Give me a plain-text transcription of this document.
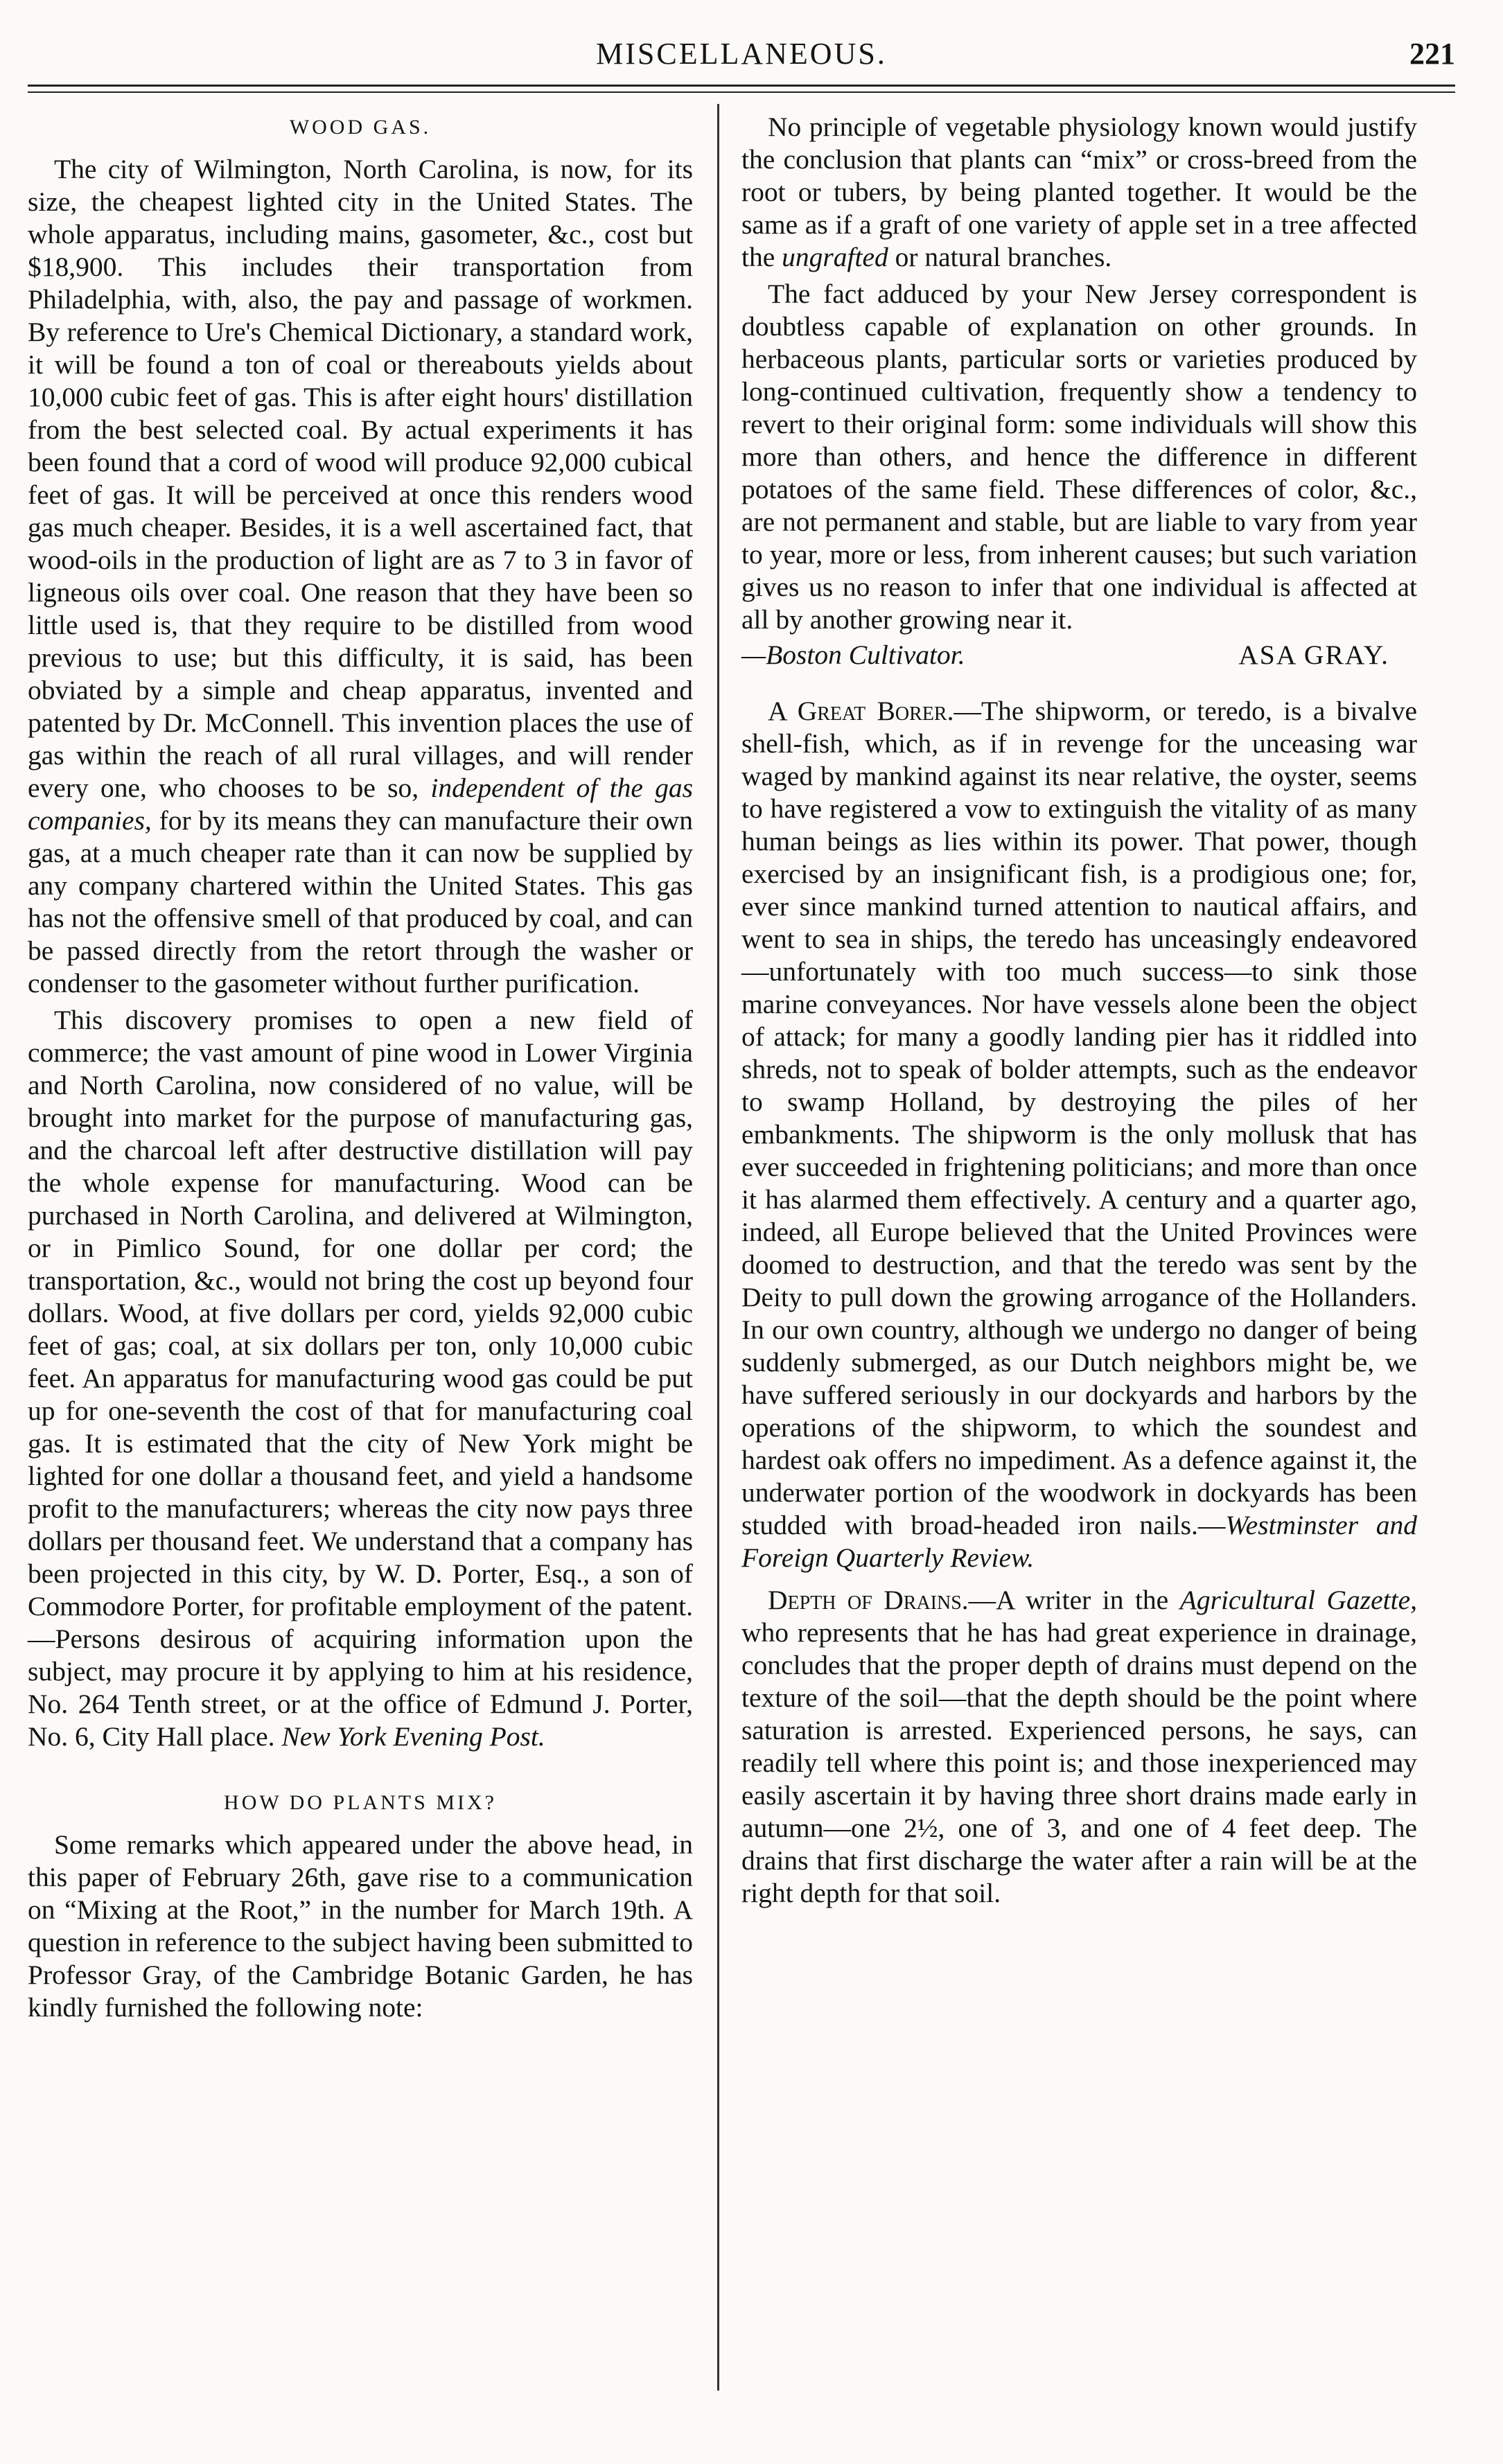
MISCELLANEOUS.	221
WOOD GAS.

The city of Wilmington, North Carolina, is now, for its size, the cheapest lighted city in the United States. The whole apparatus, including mains, gasometer, &c., cost but $18,900. This includes their transportation from Philadelphia, with, also, the pay and passage of workmen. By reference to Ure's Chemical Dictionary, a standard work, it will be found a ton of coal or thereabouts yields about 10,000 cubic feet of gas. This is after eight hours' distillation from the best selected coal. By actual experiments it has been found that a cord of wood will produce 92,000 cubical feet of gas. It will be perceived at once this renders wood gas much cheaper. Besides, it is a well ascertained fact, that wood-oils in the production of light are as 7 to 3 in favor of ligneous oils over coal. One reason that they have been so little used is, that they require to be distilled from wood previous to use; but this difficulty, it is said, has been obviated by a simple and cheap apparatus, invented and patented by Dr. McConnell. This invention places the use of gas within the reach of all rural villages, and will render every one, who chooses to be so, independent of the gas companies, for by its means they can manufacture their own gas, at a much cheaper rate than it can now be supplied by any company chartered within the United States. This gas has not the offensive smell of that produced by coal, and can be passed directly from the retort through the washer or condenser to the gasometer without further purification.

This discovery promises to open a new field of commerce; the vast amount of pine wood in Lower Virginia and North Carolina, now considered of no value, will be brought into market for the purpose of manufacturing gas, and the charcoal left after destructive distillation will pay the whole expense for manufacturing. Wood can be purchased in North Carolina, and delivered at Wilmington, or in Pimlico Sound, for one dollar per cord; the transportation, &c., would not bring the cost up beyond four dollars. Wood, at five dollars per cord, yields 92,000 cubic feet of gas; coal, at six dollars per ton, only 10,000 cubic feet. An apparatus for manufacturing wood gas could be put up for one-seventh the cost of that for manufacturing coal gas. It is estimated that the city of New York might be lighted for one dollar a thousand feet, and yield a handsome profit to the manufacturers; whereas the city now pays three dollars per thousand feet. We understand that a company has been projected in this city, by W. D. Porter, Esq., a son of Commodore Porter, for profitable employment of the patent.—Persons desirous of acquiring information upon the subject, may procure it by applying to him at his residence, No. 264 Tenth street, or at the office of Edmund J. Porter, No. 6, City Hall place. New York Evening Post.

HOW DO PLANTS MIX?

Some remarks which appeared under the above head, in this paper of February 26th, gave rise to a communication on “Mixing at the Root,” in the number for March 19th. A question in reference to the subject having been submitted to Professor Gray, of the Cambridge Botanic Garden, he has kindly furnished the following note:

No principle of vegetable physiology known would justify the conclusion that plants can “mix” or cross-breed from the root or tubers, by being planted together. It would be the same as if a graft of one variety of apple set in a tree affected the ungrafted or natural branches.

The fact adduced by your New Jersey correspondent is doubtless capable of explanation on other grounds. In herbaceous plants, particular sorts or varieties produced by long-continued cultivation, frequently show a tendency to revert to their original form: some individuals will show this more than others, and hence the difference in different potatoes of the same field. These differences of color, &c., are not permanent and stable, but are liable to vary from year to year, more or less, from inherent causes; but such variation gives us no reason to infer that one individual is affected at all by another growing near it.

—Boston Cultivator.	ASA GRAY.

A Great Borer.—The shipworm, or teredo, is a bivalve shell-fish, which, as if in revenge for the unceasing war waged by mankind against its near relative, the oyster, seems to have registered a vow to extinguish the vitality of as many human beings as lies within its power. That power, though exercised by an insignificant fish, is a prodigious one; for, ever since mankind turned attention to nautical affairs, and went to sea in ships, the teredo has unceasingly endeavored—unfortunately with too much success—to sink those marine conveyances. Nor have vessels alone been the object of attack; for many a goodly landing pier has it riddled into shreds, not to speak of bolder attempts, such as the endeavor to swamp Holland, by destroying the piles of her embankments. The shipworm is the only mollusk that has ever succeeded in frightening politicians; and more than once it has alarmed them effectively. A century and a quarter ago, indeed, all Europe believed that the United Provinces were doomed to destruction, and that the teredo was sent by the Deity to pull down the growing arrogance of the Hollanders. In our own country, although we undergo no danger of being suddenly submerged, as our Dutch neighbors might be, we have suffered seriously in our dockyards and harbors by the operations of the shipworm, to which the soundest and hardest oak offers no impediment. As a defence against it, the underwater portion of the woodwork in dockyards has been studded with broad-headed iron nails.—Westminster and Foreign Quarterly Review.

Depth of Drains.—A writer in the Agricultural Gazette, who represents that he has had great experience in drainage, concludes that the proper depth of drains must depend on the texture of the soil—that the depth should be the point where saturation is arrested. Experienced persons, he says, can readily tell where this point is; and those inexperienced may easily ascertain it by having three short drains made early in autumn—one 2½, one of 3, and one of 4 feet deep. The drains that first discharge the water after a rain will be at the right depth for that soil.
